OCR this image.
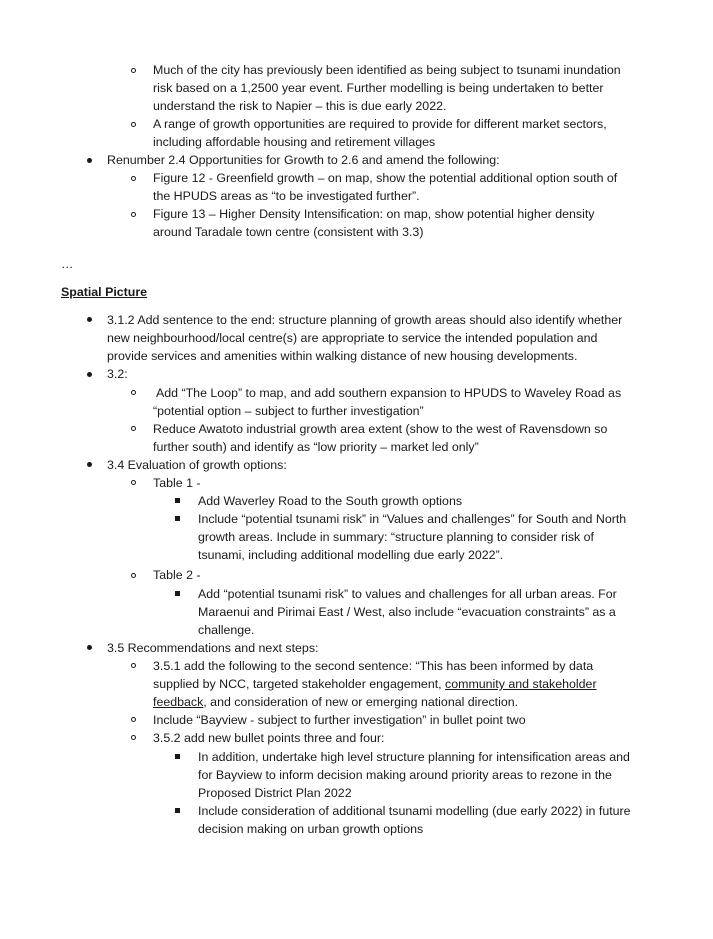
Much of the city has previously been identified as being subject to tsunami inundation
risk based on a 1,2500 year event. Further modelling is being undertaken to better
understand the risk to Napier – this is due early 2022.
A range of growth opportunities are required to provide for different market sectors,
including affordable housing and retirement villages
Renumber 2.4 Opportunities for Growth to 2.6 and amend the following:
Figure 12 - Greenfield growth – on map, show the potential additional option south of
the HPUDS areas as “to be investigated further”.
Figure 13 – Higher Density Intensification: on map, show potential higher density
around Taradale town centre (consistent with 3.3)
…
Spatial Picture
3.1.2 Add sentence to the end: structure planning of growth areas should also identify whether
new neighbourhood/local centre(s) are appropriate to service the intended population and
provide services and amenities within walking distance of new housing developments.
3.2:
Add “The Loop” to map, and add southern expansion to HPUDS to Waveley Road as
“potential option – subject to further investigation”
Reduce Awatoto industrial growth area extent (show to the west of Ravensdown so
further south) and identify as “low priority – market led only”
3.4 Evaluation of growth options:
Table 1 -
Add Waverley Road to the South growth options
Include “potential tsunami risk” in “Values and challenges” for South and North
growth areas. Include in summary: “structure planning to consider risk of
tsunami, including additional modelling due early 2022”.
Table 2 -
Add “potential tsunami risk” to values and challenges for all urban areas. For
Maraenui and Pirimai East / West, also include “evacuation constraints” as a
challenge.
3.5 Recommendations and next steps:
3.5.1 add the following to the second sentence: “This has been informed by data
supplied by NCC, targeted stakeholder engagement, community and stakeholder
feedback, and consideration of new or emerging national direction.
Include “Bayview - subject to further investigation” in bullet point two
3.5.2 add new bullet points three and four:
In addition, undertake high level structure planning for intensification areas and
for Bayview to inform decision making around priority areas to rezone in the
Proposed District Plan 2022
Include consideration of additional tsunami modelling (due early 2022) in future
decision making on urban growth options
